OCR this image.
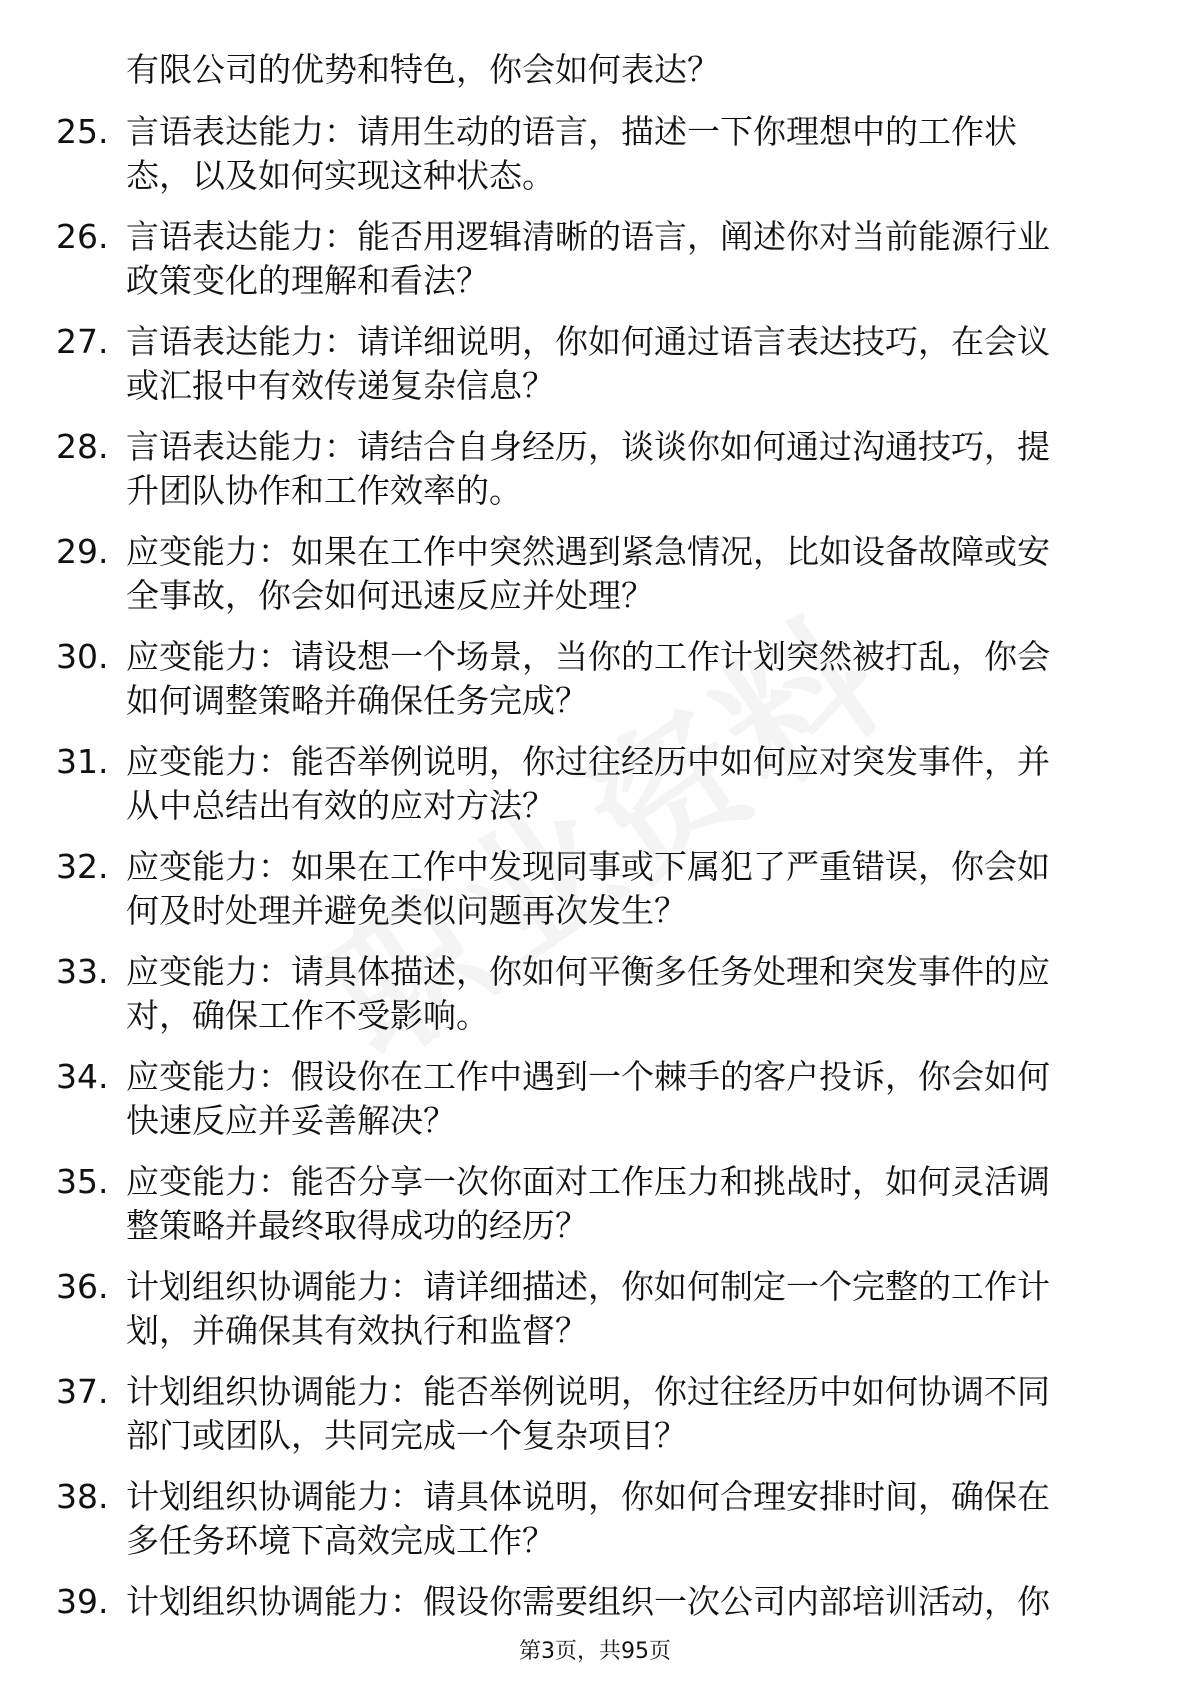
有限公司的优势和特色，你会如何表达？
25. 言语表达能力：请用生动的语言，描述一下你理想中的工作状
态，以及如何实现这种状态。
26. 言语表达能力：能否用逻辑清晰的语言，阐述你对当前能源行业
政策变化的理解和看法？
27. 言语表达能力：请详细说明，你如何通过语言表达技巧，在会议
或汇报中有效传递复杂信息？
28. 言语表达能力：请结合自身经历，谈谈你如何通过沟通技巧，提
升团队协作和工作效率的。
29. 应变能力：如果在工作中突然遇到紧急情况，比如设备故障或安
全事故，你会如何迅速反应并处理？
30. 应变能力：请设想一个场景，当你的工作计划突然被打乱，你会
如何调整策略并确保任务完成？
31. 应变能力：能否举例说明，你过往经历中如何应对突发事件，并
从中总结出有效的应对方法？
32. 应变能力：如果在工作中发现同事或下属犯了严重错误，你会如
何及时处理并避免类似问题再次发生？
33. 应变能力：请具体描述，你如何平衡多任务处理和突发事件的应
对，确保工作不受影响。
34. 应变能力：假设你在工作中遇到一个棘手的客户投诉，你会如何
快速反应并妥善解决？
35. 应变能力：能否分享一次你面对工作压力和挑战时，如何灵活调
整策略并最终取得成功的经历？
36. 计划组织协调能力：请详细描述，你如何制定一个完整的工作计
划，并确保其有效执行和监督？
37. 计划组织协调能力：能否举例说明，你过往经历中如何协调不同
部门或团队，共同完成一个复杂项目？
38. 计划组织协调能力：请具体说明，你如何合理安排时间，确保在
多任务环境下高效完成工作？
39. 计划组织协调能力：假设你需要组织一次公司内部培训活动，你
第3页，共95页
